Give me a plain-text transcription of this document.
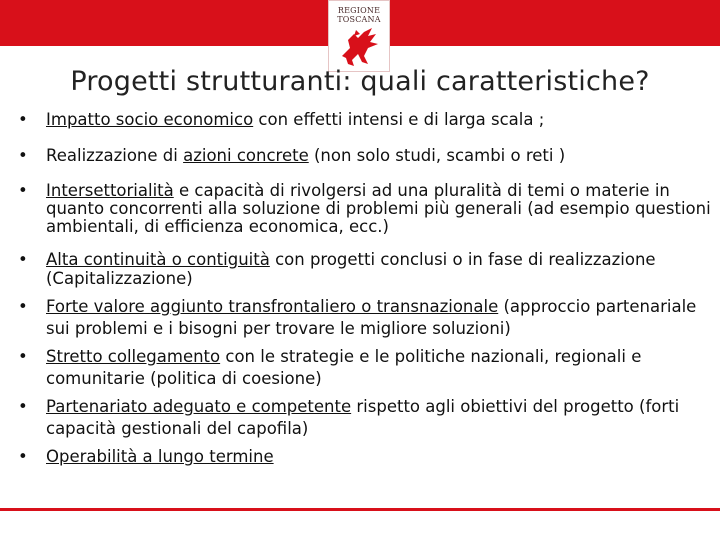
REGIONE
TOSCANA
Progetti strutturanti: quali caratteristiche?
• Impatto socio economico con effetti intensi e di larga scala ;
• Realizzazione di azioni concrete (non solo studi, scambi o reti )
• Intersettorialità e capacità di rivolgersi ad una pluralità di temi o materie in quanto concorrenti alla soluzione di problemi più generali (ad esempio questioni ambientali, di efficienza economica, ecc.)
• Alta continuità o contiguità con progetti conclusi o in fase di realizzazione (Capitalizzazione)
• Forte valore aggiunto transfrontaliero o transnazionale (approccio partenariale sui problemi e i bisogni per trovare le migliore soluzioni)
• Stretto collegamento con le strategie e le politiche nazionali, regionali e comunitarie (politica di coesione)
• Partenariato adeguato e competente rispetto agli obiettivi del progetto (forti capacità gestionali del capofila)
• Operabilità a lungo termine
